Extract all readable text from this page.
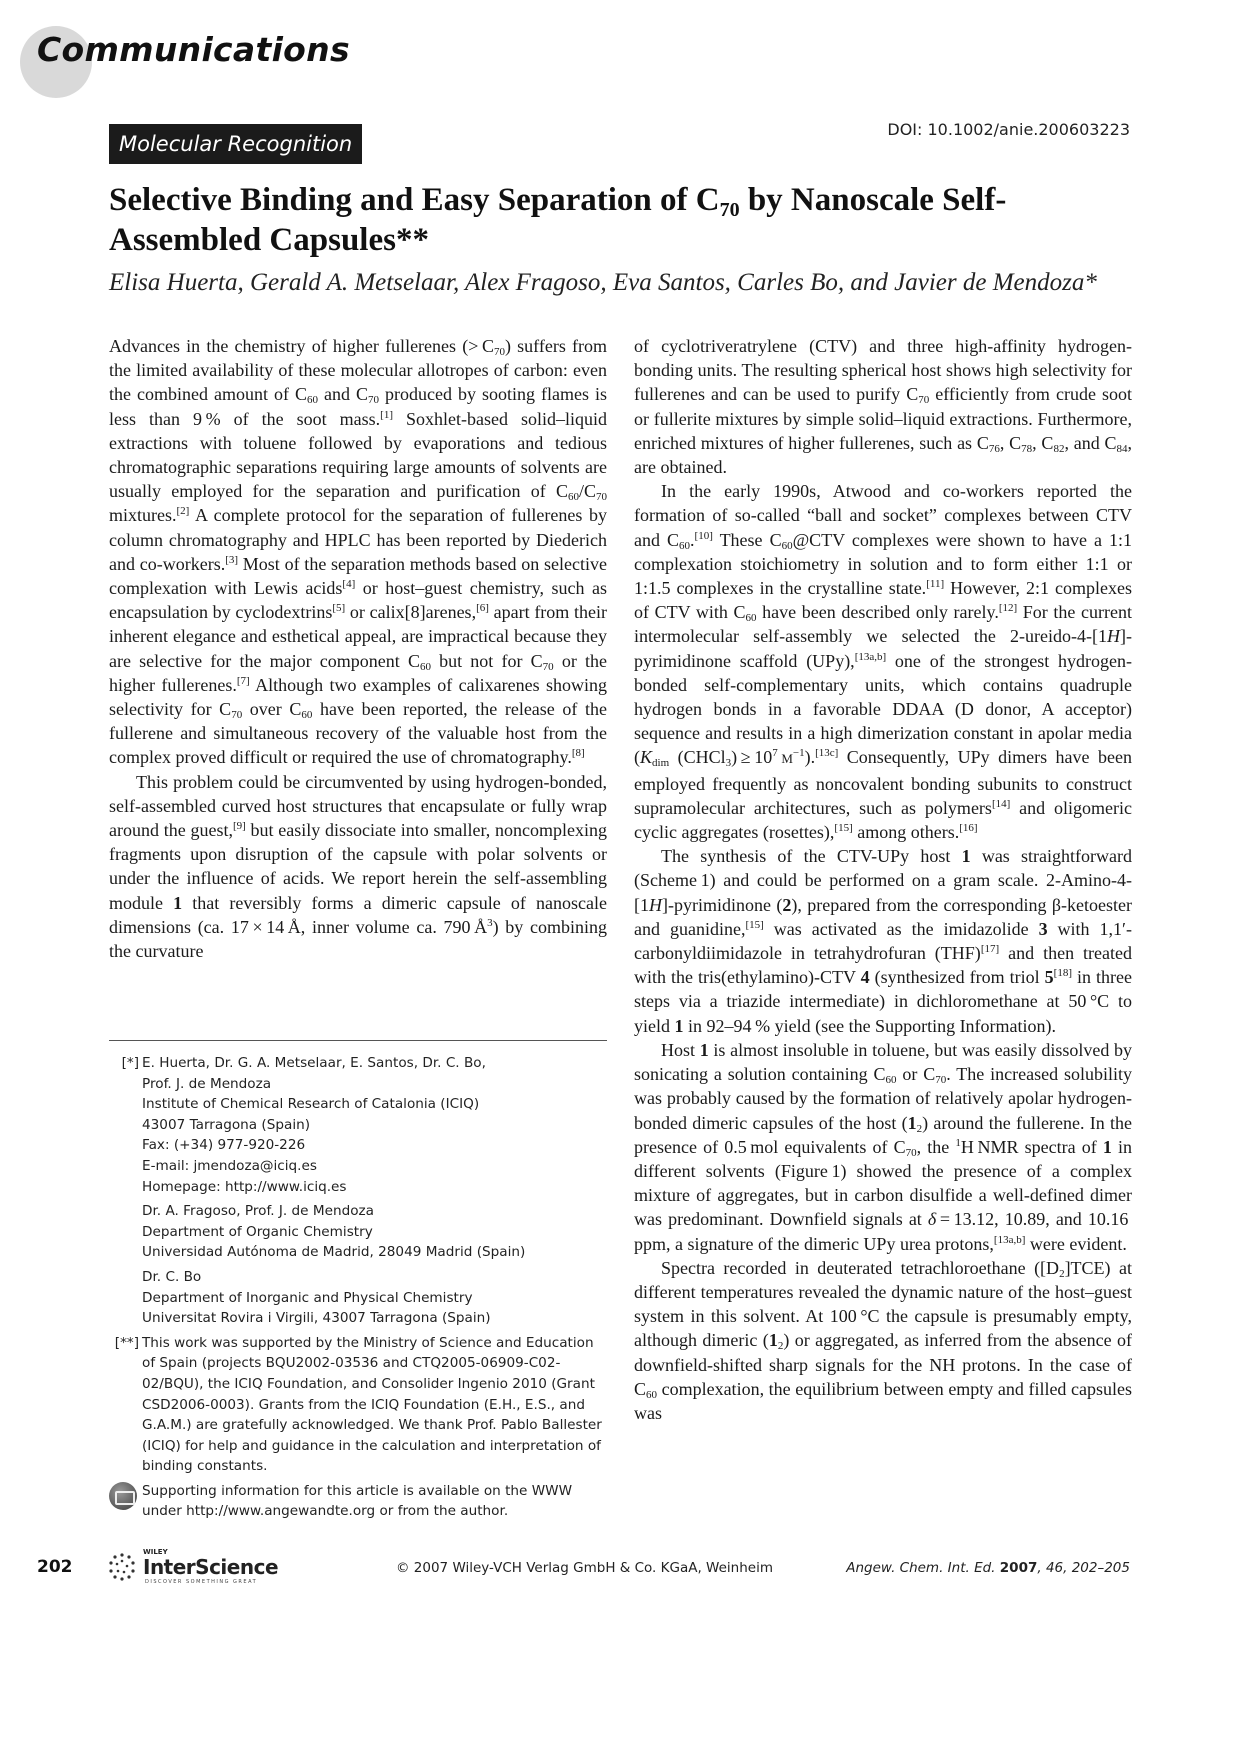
Communications
Molecular Recognition
DOI: 10.1002/anie.200603223
Selective Binding and Easy Separation of $C_{70}$ by Nanoscale Self-Assembled Capsules**
Elisa Huerta, Gerald A. Metselaar, Alex Fragoso, Eva Santos, Carles Bo, and Javier de Mendoza*

Advances in the chemistry of higher fullerenes (> $C_{70}$) suffers from the limited availability of these molecular allotropes of carbon: even the combined amount of $C_{60}$ and $C_{70}$ produced by sooting flames is less than 9 % of the soot mass.[1] Soxhlet-based solid–liquid extractions with toluene followed by evaporations and tedious chromatographic separations requiring large amounts of solvents are usually employed for the separation and purification of $C_{60}/C_{70}$ mixtures.[2] A complete protocol for the separation of fullerenes by column chromatography and HPLC has been reported by Diederich and co-workers.[3] Most of the separation methods based on selective complexation with Lewis acids[4] or host–guest chemistry, such as encapsulation by cyclodextrins[5] or calix[8]arenes,[6] apart from their inherent elegance and esthetical appeal, are impractical because they are selective for the major component $C_{60}$ but not for $C_{70}$ or the higher fullerenes.[7] Although two examples of calixarenes showing selectivity for $C_{70}$ over $C_{60}$ have been reported, the release of the fullerene and simultaneous recovery of the valuable host from the complex proved difficult or required the use of chromatography.[8]

This problem could be circumvented by using hydrogen-bonded, self-assembled curved host structures that encapsulate or fully wrap around the guest,[9] but easily dissociate into smaller, noncomplexing fragments upon disruption of the capsule with polar solvents or under the influence of acids. We report herein the self-assembling module 1 that reversibly forms a dimeric capsule of nanoscale dimensions (ca. 17 × 14 Å, inner volume ca. 790 $Å^3$) by combining the curvature

[*] E. Huerta, Dr. G. A. Metselaar, E. Santos, Dr. C. Bo,
Prof. J. de Mendoza
Institute of Chemical Research of Catalonia (ICIQ)
43007 Tarragona (Spain)
Fax: (+34) 977-920-226
E-mail: jmendoza@iciq.es
Homepage: http://www.iciq.es
Dr. A. Fragoso, Prof. J. de Mendoza
Department of Organic Chemistry
Universidad Autónoma de Madrid, 28049 Madrid (Spain)
Dr. C. Bo
Department of Inorganic and Physical Chemistry
Universitat Rovira i Virgili, 43007 Tarragona (Spain)
[**] This work was supported by the Ministry of Science and Education of Spain (projects BQU2002-03536 and CTQ2005-06909-C02-02/BQU), the ICIQ Foundation, and Consolider Ingenio 2010 (Grant CSD2006-0003). Grants from the ICIQ Foundation (E.H., E.S., and G.A.M.) are gratefully acknowledged. We thank Prof. Pablo Ballester (ICIQ) for help and guidance in the calculation and interpretation of binding constants.
Supporting information for this article is available on the WWW under http://www.angewandte.org or from the author.

of cyclotriveratrylene (CTV) and three high-affinity hydrogen-bonding units. The resulting spherical host shows high selectivity for fullerenes and can be used to purify $C_{70}$ efficiently from crude soot or fullerite mixtures by simple solid–liquid extractions. Furthermore, enriched mixtures of higher fullerenes, such as $C_{76}$, $C_{78}$, $C_{82}$, and $C_{84}$, are obtained.

In the early 1990s, Atwood and co-workers reported the formation of so-called “ball and socket” complexes between CTV and $C_{60}.[10]$ These $C_{60}@CTV$ complexes were shown to have a 1:1 complexation stoichiometry in solution and to form either 1:1 or 1:1.5 complexes in the crystalline state.[11] However, 2:1 complexes of CTV with $C_{60}$ have been described only rarely.[12] For the current intermolecular self-assembly we selected the 2-ureido-4-[1H]-pyrimidinone scaffold (UPy),[13a,b] one of the strongest hydrogen-bonded self-complementary units, which contains quadruple hydrogen bonds in a favorable DDAA (D donor, A acceptor) sequence and results in a high dimerization constant in apolar media ($K_{dim}$ (CHCl$_3$) ≥ $10^7$  $M^{-1}).[13c]$ Consequently, UPy dimers have been employed frequently as noncovalent bonding subunits to construct supramolecular architectures, such as polymers[14] and oligomeric cyclic aggregates (rosettes),[15] among others.[16]

The synthesis of the CTV-UPy host 1 was straightforward (Scheme 1) and could be performed on a gram scale. 2-Amino-4-[1H]-pyrimidinone (2), prepared from the corresponding β-ketoester and guanidine,[15] was activated as the imidazolide 3 with 1,1′-carbonyldiimidazole in tetrahydrofuran (THF)[17] and then treated with the tris(ethylamino)-CTV 4 (synthesized from triol 5[18] in three steps via a triazide intermediate) in dichloromethane at 50 °C to yield 1 in 92–94 % yield (see the Supporting Information).

Host 1 is almost insoluble in toluene, but was easily dissolved by sonicating a solution containing $C_{60}$ or $C_{70}$. The increased solubility was probably caused by the formation of relatively apolar hydrogen-bonded dimeric capsules of the host $(1_2)$ around the fullerene. In the presence of 0.5 mol equivalents of $C_{70}$, the $^1$H NMR spectra of 1 in different solvents (Figure 1) showed the presence of a complex mixture of aggregates, but in carbon disulfide a well-defined dimer was predominant. Downfield signals at δ = 13.12, 10.89, and 10.16 ppm, a signature of the dimeric UPy urea protons,[13a,b] were evident.

Spectra recorded in deuterated tetrachloroethane $([D_2]TCE)$ at different temperatures revealed the dynamic nature of the host–guest system in this solvent. At 100 °C the capsule is presumably empty, although dimeric $(1_2)$ or aggregated, as inferred from the absence of downfield-shifted sharp signals for the NH protons. In the case of $C_{60}$ complexation, the equilibrium between empty and filled capsules was

202
WILEY
InterScience
DISCOVER SOMETHING GREAT
© 2007 Wiley-VCH Verlag GmbH & Co. KGaA, Weinheim	Angew. Chem. Int. Ed. 2007, 46, 202–205
